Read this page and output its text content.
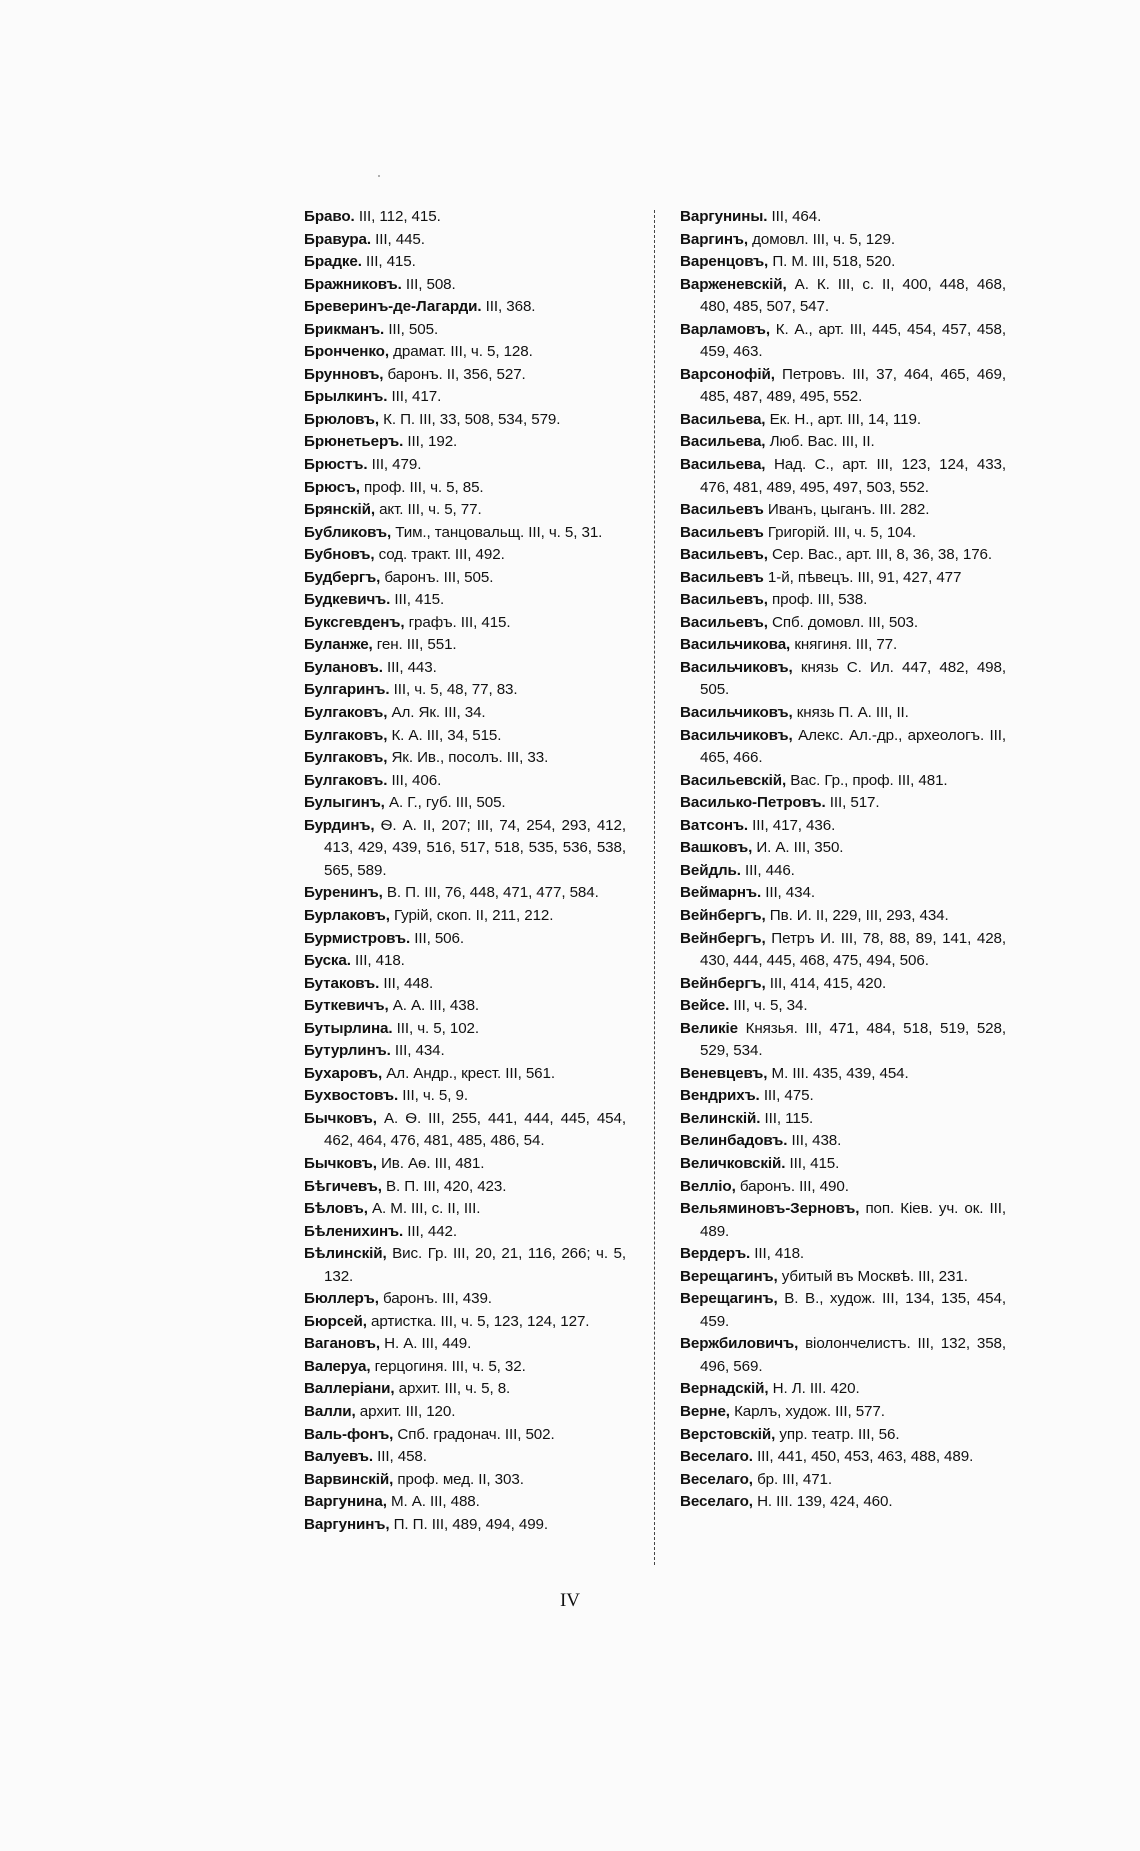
Браво. III, 112, 415.
Бравура. III, 445.
Брадке. III, 415.
Бражниковъ. III, 508.
Бреверинъ-де-Лагарди. III, 368.
Брикманъ. III, 505.
Бронченко, драмат. III, ч. 5, 128.
Брунновъ, баронъ. II, 356, 527.
Брылкинъ. III, 417.
Брюловъ, К. П. III, 33, 508, 534, 579.
Брюнетьеръ. III, 192.
Брюстъ. III, 479.
Брюсъ, проф. III, ч. 5, 85.
Брянскій, акт. III, ч. 5, 77.
Бубликовъ, Тим., танцовальщ. III, ч. 5, 31.
Бубновъ, сод. тракт. III, 492.
Будбергъ, баронъ. III, 505.
Будкевичъ. III, 415.
Буксгевденъ, графъ. III, 415.
Буланже, ген. III, 551.
Булановъ. III, 443.
Булгаринъ. III, ч. 5, 48, 77, 83.
Булгаковъ, Ал. Як. III, 34.
Булгаковъ, К. А. III, 34, 515.
Булгаковъ, Як. Ив., посолъ. III, 33.
Булгаковъ. III, 406.
Булыгинъ, А. Г., губ. III, 505.
Бурдинъ, Ѳ. А. II, 207; III, 74, 254, 293, 412, 413, 429, 439, 516, 517, 518, 535, 536, 538, 565, 589.
Буренинъ, В. П. III, 76, 448, 471, 477, 584.
Бурлаковъ, Гурій, скоп. II, 211, 212.
Бурмистровъ. III, 506.
Буска. III, 418.
Бутаковъ. III, 448.
Буткевичъ, А. А. III, 438.
Бутырлина. III, ч. 5, 102.
Бутурлинъ. III, 434.
Бухаровъ, Ал. Андр., крест. III, 561.
Бухвостовъ. III, ч. 5, 9.
Бычковъ, А. Ѳ. III, 255, 441, 444, 445, 454, 462, 464, 476, 481, 485, 486, 54.
Бычковъ, Ив. Аѳ. III, 481.
Бѣгичевъ, В. П. III, 420, 423.
Бѣловъ, А. М. III, с. II, III.
Бѣленихинъ. III, 442.
Бѣлинскій, Вис. Гр. III, 20, 21, 116, 266; ч. 5, 132.
Бюллеръ, баронъ. III, 439.
Бюрсей, артистка. III, ч. 5, 123, 124, 127.
Вагановъ, Н. А. III, 449.
Валеруа, герцогиня. III, ч. 5, 32.
Валлеріани, архит. III, ч. 5, 8.
Валли, архит. III, 120.
Валь-фонъ, Спб. градонач. III, 502.
Валуевъ. III, 458.
Варвинскій, проф. мед. II, 303.
Варгунина, М. А. III, 488.
Варгунинъ, П. П. III, 489, 494, 499.
Варгунины. III, 464.
Варгинъ, домовл. III, ч. 5, 129.
Варенцовъ, П. М. III, 518, 520.
Варженевскій, А. К. III, с. II, 400, 448, 468, 480, 485, 507, 547.
Варламовъ, К. А., арт. III, 445, 454, 457, 458, 459, 463.
Варсонофій, Петровъ. III, 37, 464, 465, 469, 485, 487, 489, 495, 552.
Васильева, Ек. Н., арт. III, 14, 119.
Васильева, Люб. Вас. III, II.
Васильева, Над. С., арт. III, 123, 124, 433, 476, 481, 489, 495, 497, 503, 552.
Васильевъ Иванъ, цыганъ. III. 282.
Васильевъ Григорій. III, ч. 5, 104.
Васильевъ, Сер. Вас., арт. III, 8, 36, 38, 176.
Васильевъ 1-й, пѣвецъ. III, 91, 427, 477
Васильевъ, проф. III, 538.
Васильевъ, Спб. домовл. III, 503.
Васильчикова, княгиня. III, 77.
Васильчиковъ, князь С. Ил. 447, 482, 498, 505.
Васильчиковъ, князь П. А. III, II.
Васильчиковъ, Алекс. Ал.-др., археологъ. III, 465, 466.
Васильевскій, Вас. Гр., проф. III, 481.
Василько-Петровъ. III, 517.
Ватсонъ. III, 417, 436.
Вашковъ, И. А. III, 350.
Вейдль. III, 446.
Веймарнъ. III, 434.
Вейнбергъ, Пв. И. II, 229, III, 293, 434.
Вейнбергъ, Петръ И. III, 78, 88, 89, 141, 428, 430, 444, 445, 468, 475, 494, 506.
Вейнбергъ, III, 414, 415, 420.
Вейсе. III, ч. 5, 34.
Великіе Князья. III, 471, 484, 518, 519, 528, 529, 534.
Веневцевъ, М. III. 435, 439, 454.
Вендрихъ. III, 475.
Велинскій. III, 115.
Велинбадовъ. III, 438.
Величковскій. III, 415.
Веллiо, баронъ. III, 490.
Вельяминовъ-Зерновъ, поп. Кіев. уч. ок. III, 489.
Вердеръ. III, 418.
Верещагинъ, убитый въ Москвѣ. III, 231.
Верещагинъ, В. В., худож. III, 134, 135, 454, 459.
Вержбиловичъ, віолончелистъ. III, 132, 358, 496, 569.
Вернадскій, Н. Л. III. 420.
Верне, Карлъ, худож. III, 577.
Верстовскій, упр. театр. III, 56.
Веселаго. III, 441, 450, 453, 463, 488, 489.
Веселаго, бр. III, 471.
Веселаго, Н. III. 139, 424, 460.
IV
